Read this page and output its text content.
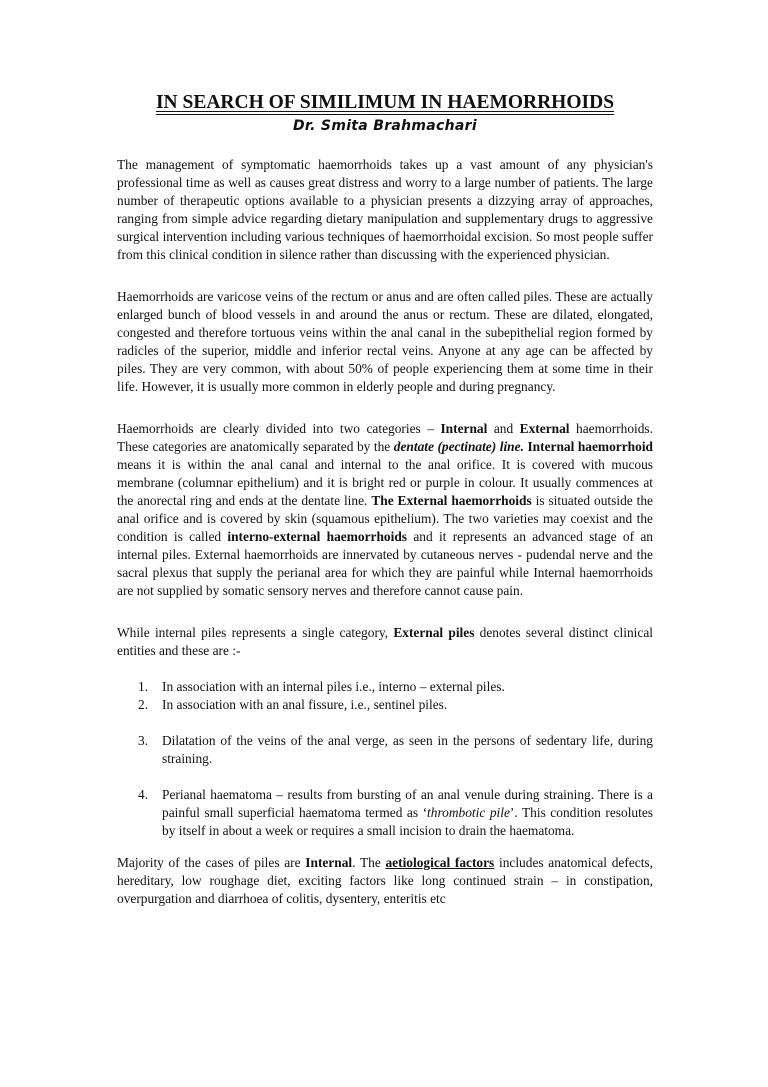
IN SEARCH OF SIMILIMUM IN HAEMORRHOIDS
Dr. Smita Brahmachari

The management of symptomatic haemorrhoids takes up a vast amount of any physician's professional time as well as causes great distress and worry to a large number of patients. The large number of therapeutic options available to a physician presents a dizzying array of approaches, ranging from simple advice regarding dietary manipulation and supplementary drugs to aggressive surgical intervention including various techniques of haemorrhoidal excision. So most people suffer from this clinical condition in silence rather than discussing with the experienced physician.

Haemorrhoids are varicose veins of the rectum or anus and are often called piles. These are actually enlarged bunch of blood vessels in and around the anus or rectum. These are dilated, elongated, congested and therefore tortuous veins within the anal canal in the subepithelial region formed by radicles of the superior, middle and inferior rectal veins. Anyone at any age can be affected by piles. They are very common, with about 50% of people experiencing them at some time in their life. However, it is usually more common in elderly people and during pregnancy.

Haemorrhoids are clearly divided into two categories – Internal and External haemorrhoids. These categories are anatomically separated by the dentate (pectinate) line. Internal haemorrhoid means it is within the anal canal and internal to the anal orifice. It is covered with mucous membrane (columnar epithelium) and it is bright red or purple in colour. It usually commences at the anorectal ring and ends at the dentate line. The External haemorrhoids is situated outside the anal orifice and is covered by skin (squamous epithelium). The two varieties may coexist and the condition is called interno-external haemorrhoids and it represents an advanced stage of an internal piles. External haemorrhoids are innervated by cutaneous nerves - pudendal nerve and the sacral plexus that supply the perianal area for which they are painful while Internal haemorrhoids are not supplied by somatic sensory nerves and therefore cannot cause pain.

While internal piles represents a single category, External piles denotes several distinct clinical entities and these are :-

1.	In association with an internal piles i.e., interno – external piles.
2.	In association with an anal fissure, i.e., sentinel piles.
3.	Dilatation of the veins of the anal verge, as seen in the persons of sedentary life, during straining.
4.	Perianal haematoma – results from bursting of an anal venule during straining. There is a painful small superficial haematoma termed as ‘thrombotic pile’. This condition resolutes by itself in about a week or requires a small incision to drain the haematoma.

Majority of the cases of piles are Internal. The aetiological factors includes anatomical defects, hereditary, low roughage diet, exciting factors like long continued strain – in constipation, overpurgation and diarrhoea of colitis, dysentery, enteritis etc
